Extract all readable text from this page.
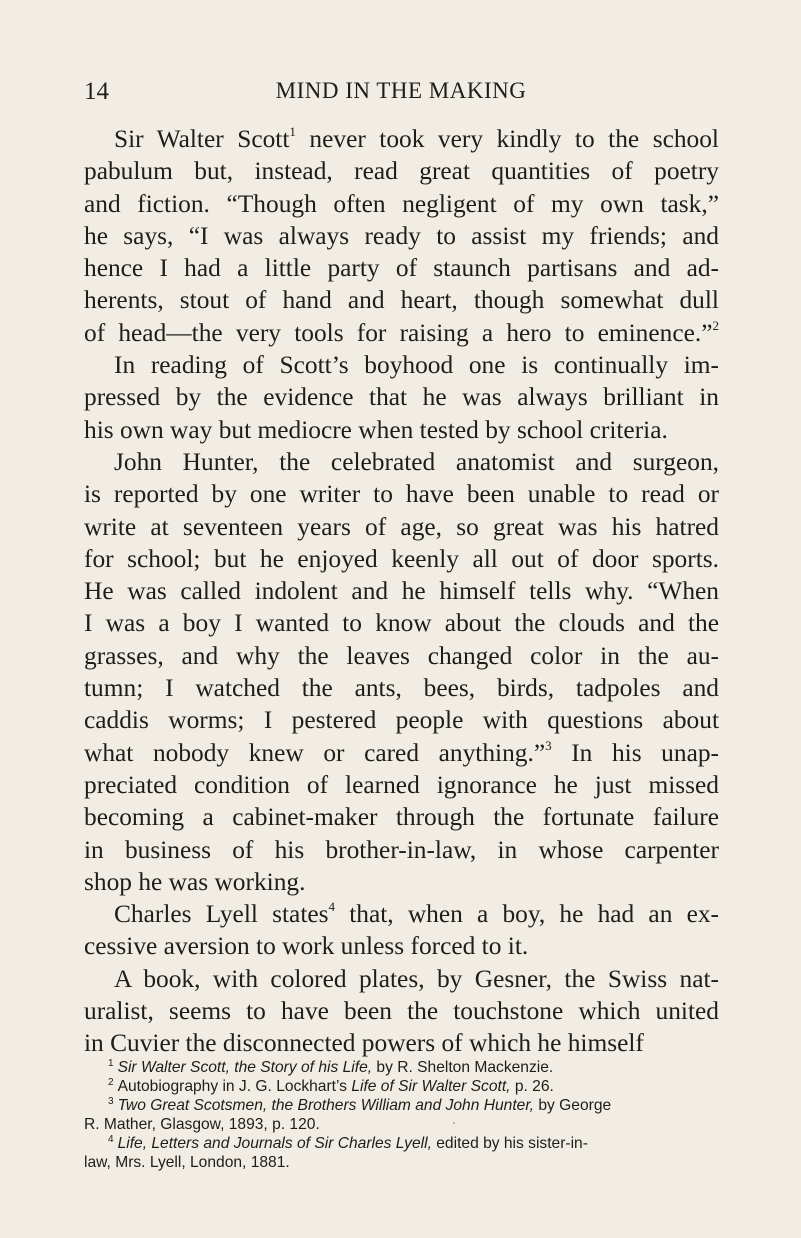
14	MIND IN THE MAKING
Sir Walter Scott$^1$ never took very kindly to the school
pabulum but, instead, read great quantities of poetry
and fiction. “Though often negligent of my own task,”
he says, “I was always ready to assist my friends; and
hence I had a little party of staunch partisans and ad-
herents, stout of hand and heart, though somewhat dull
of head—the very tools for raising a hero to eminence.”$^2$
In reading of Scott’s boyhood one is continually im-
pressed by the evidence that he was always brilliant in
his own way but mediocre when tested by school criteria.
John Hunter, the celebrated anatomist and surgeon,
is reported by one writer to have been unable to read or
write at seventeen years of age, so great was his hatred
for school; but he enjoyed keenly all out of door sports.
He was called indolent and he himself tells why. “When
I was a boy I wanted to know about the clouds and the
grasses, and why the leaves changed color in the au-
tumn; I watched the ants, bees, birds, tadpoles and
caddis worms; I pestered people with questions about
what nobody knew or cared anything.”$^3$ In his unap-
preciated condition of learned ignorance he just missed
becoming a cabinet-maker through the fortunate failure
in business of his brother-in-law, in whose carpenter
shop he was working.
Charles Lyell states$^4$ that, when a boy, he had an ex-
cessive aversion to work unless forced to it.
A book, with colored plates, by Gesner, the Swiss nat-
uralist, seems to have been the touchstone which united
in Cuvier the disconnected powers of which he himself
$^1$ Sir Walter Scott, the Story of his Life, by R. Shelton Mackenzie.
$^2$ Autobiography in J. G. Lockhart’s Life of Sir Walter Scott, p. 26.
$^3$ Two Great Scotsmen, the Brothers William and John Hunter, by George
R. Mather, Glasgow, 1893, p. 120.
$^4$ Life, Letters and Journals of Sir Charles Lyell, edited by his sister-in-
law, Mrs. Lyell, London, 1881.
